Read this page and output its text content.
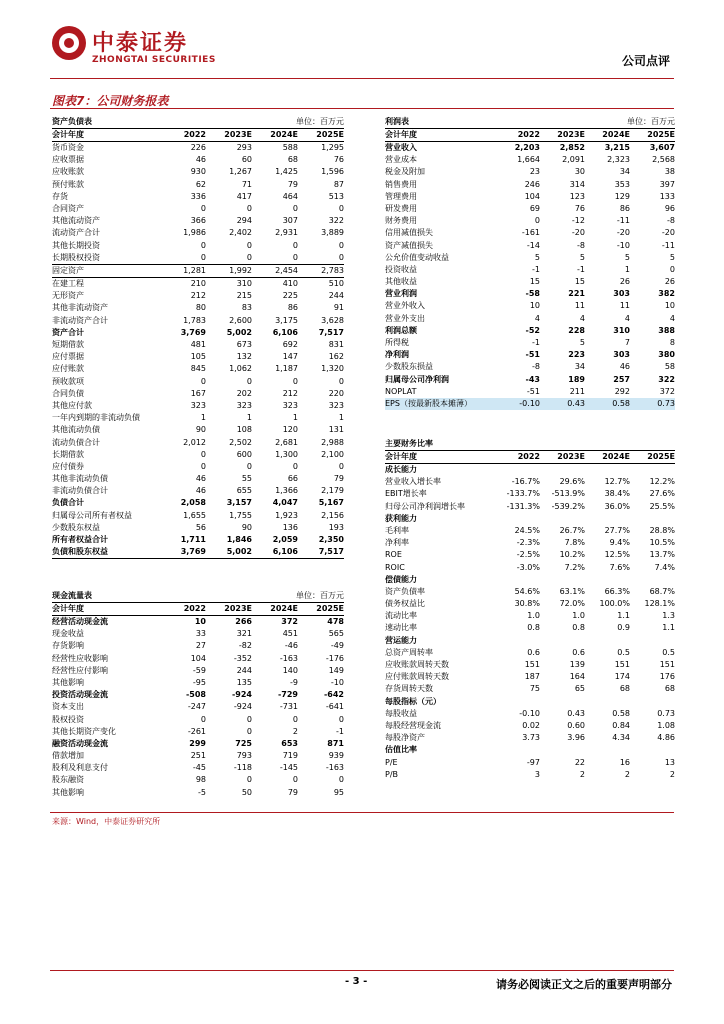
中泰证券
ZHONGTAI SECURITIES	公司点评
图表7：公司财务报表
资产负债表	单位：百万元
会计年度	2022	2023E	2024E	2025E
货币资金	226	293	588	1,295
应收票据	46	60	68	76
应收账款	930	1,267	1,425	1,596
预付账款	62	71	79	87
存货	336	417	464	513
合同资产	0	0	0	0
其他流动资产	366	294	307	322
流动资产合计	1,986	2,402	2,931	3,889
其他长期投资	0	0	0	0
长期股权投资	0	0	0	0
固定资产	1,281	1,992	2,454	2,783
在建工程	210	310	410	510
无形资产	212	215	225	244
其他非流动资产	80	83	86	91
非流动资产合计	1,783	2,600	3,175	3,628
资产合计	3,769	5,002	6,106	7,517
短期借款	481	673	692	831
应付票据	105	132	147	162
应付账款	845	1,062	1,187	1,320
预收款项	0	0	0	0
合同负债	167	202	212	220
其他应付款	323	323	323	323
一年内到期的非流动负债	1	1	1	1
其他流动负债	90	108	120	131
流动负债合计	2,012	2,502	2,681	2,988
长期借款	0	600	1,300	2,100
应付债券	0	0	0	0
其他非流动负债	46	55	66	79
非流动负债合计	46	655	1,366	2,179
负债合计	2,058	3,157	4,047	5,167
归属母公司所有者权益	1,655	1,755	1,923	2,156
少数股东权益	56	90	136	193
所有者权益合计	1,711	1,846	2,059	2,350
负债和股东权益	3,769	5,002	6,106	7,517
利润表	单位：百万元
会计年度	2022	2023E	2024E	2025E
营业收入	2,203	2,852	3,215	3,607
营业成本	1,664	2,091	2,323	2,568
税金及附加	23	30	34	38
销售费用	246	314	353	397
管理费用	104	123	129	133
研发费用	69	76	86	96
财务费用	0	-12	-11	-8
信用减值损失	-161	-20	-20	-20
资产减值损失	-14	-8	-10	-11
公允价值变动收益	5	5	5	5
投资收益	-1	-1	1	0
其他收益	15	15	26	26
营业利润	-58	221	303	382
营业外收入	10	11	11	10
营业外支出	4	4	4	4
利润总额	-52	228	310	388
所得税	-1	5	7	8
净利润	-51	223	303	380
少数股东损益	-8	34	46	58
归属母公司净利润	-43	189	257	322
NOPLAT	-51	211	292	372
EPS（按最新股本摊薄）	-0.10	0.43	0.58	0.73
主要财务比率
会计年度	2022	2023E	2024E	2025E
成长能力
营业收入增长率	-16.7%	29.6%	12.7%	12.2%
EBIT增长率	-133.7%	-513.9%	38.4%	27.6%
归母公司净利润增长率	-131.3%	-539.2%	36.0%	25.5%
获利能力
毛利率	24.5%	26.7%	27.7%	28.8%
净利率	-2.3%	7.8%	9.4%	10.5%
ROE	-2.5%	10.2%	12.5%	13.7%
ROIC	-3.0%	7.2%	7.6%	7.4%
偿债能力
资产负债率	54.6%	63.1%	66.3%	68.7%
债务权益比	30.8%	72.0%	100.0%	128.1%
流动比率	1.0	1.0	1.1	1.3
速动比率	0.8	0.8	0.9	1.1
营运能力
总资产周转率	0.6	0.6	0.5	0.5
应收账款周转天数	151	139	151	151
应付账款周转天数	187	164	174	176
存货周转天数	75	65	68	68
每股指标（元）
每股收益	-0.10	0.43	0.58	0.73
每股经营现金流	0.02	0.60	0.84	1.08
每股净资产	3.73	3.96	4.34	4.86
估值比率
P/E	-97	22	16	13
P/B	3	2	2	2
现金流量表	单位：百万元
会计年度	2022	2023E	2024E	2025E
经营活动现金流	10	266	372	478
现金收益	33	321	451	565
存货影响	27	-82	-46	-49
经营性应收影响	104	-352	-163	-176
经营性应付影响	-59	244	140	149
其他影响	-95	135	-9	-10
投资活动现金流	-508	-924	-729	-642
资本支出	-247	-924	-731	-641
股权投资	0	0	0	0
其他长期资产变化	-261	0	2	-1
融资活动现金流	299	725	653	871
借款增加	251	793	719	939
股利及利息支付	-45	-118	-145	-163
股东融资	98	0	0	0
其他影响	-5	50	79	95
来源：Wind，中泰证券研究所
- 3 -	请务必阅读正文之后的重要声明部分
